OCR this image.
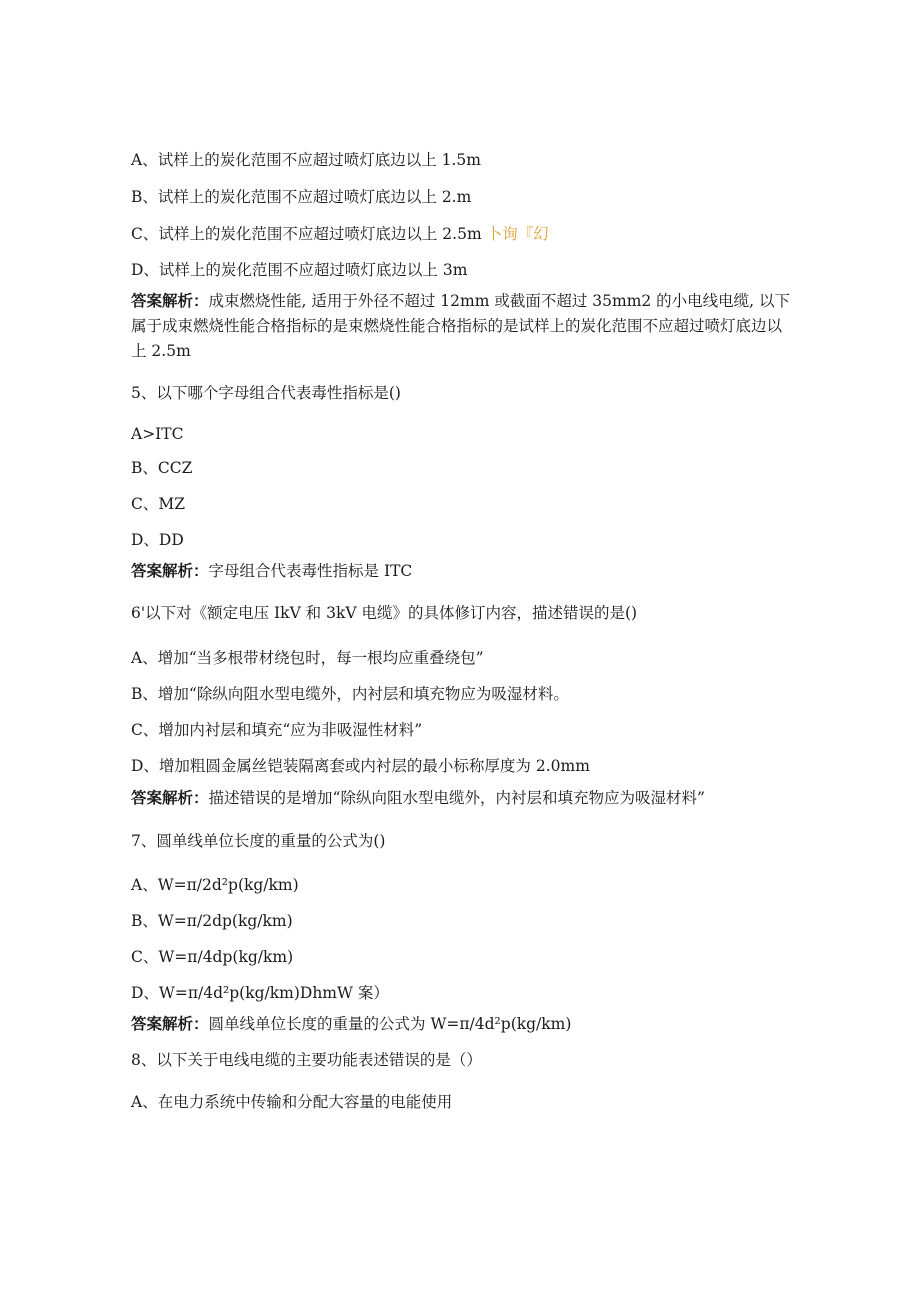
A、试样上的炭化范围不应超过喷灯底边以上 1.5m
B、试样上的炭化范围不应超过喷灯底边以上 2.m
C、试样上的炭化范围不应超过喷灯底边以上 2.5m 卜询『幻
D、试样上的炭化范围不应超过喷灯底边以上 3m
答案解析：成束燃烧性能, 适用于外径不超过 12mm 或截面不超过 35mm2 的小电线电缆, 以下属于成束燃烧性能合格指标的是束燃烧性能合格指标的是试样上的炭化范围不应超过喷灯底边以上 2.5m
5、以下哪个字母组合代表毒性指标是()
A>ITC
B、CCZ
C、MZ
D、DD
答案解析：字母组合代表毒性指标是 ITC
6'以下对《额定电压 IkV 和 3kV 电缆》的具体修订内容，描述错误的是()
A、增加“当多根带材绕包时，每一根均应重叠绕包”
B、增加“除纵向阻水型电缆外，内衬层和填充物应为吸湿材料。
C、增加内衬层和填充“应为非吸湿性材料”
D、增加粗圆金属丝铠装隔离套或内衬层的最小标称厚度为 2.0mm
答案解析：描述错误的是增加“除纵向阻水型电缆外，内衬层和填充物应为吸湿材料”
7、圆单线单位长度的重量的公式为()
A、W=π/2d²p(kg/km)
B、W=π/2dp(kg/km)
C、W=π/4dp(kg/km)
D、W=π/4d²p(kg/km)DhmW 案）
答案解析：圆单线单位长度的重量的公式为 W=π/4d²p(kg/km)
8、以下关于电线电缆的主要功能表述错误的是（）
A、在电力系统中传输和分配大容量的电能使用
